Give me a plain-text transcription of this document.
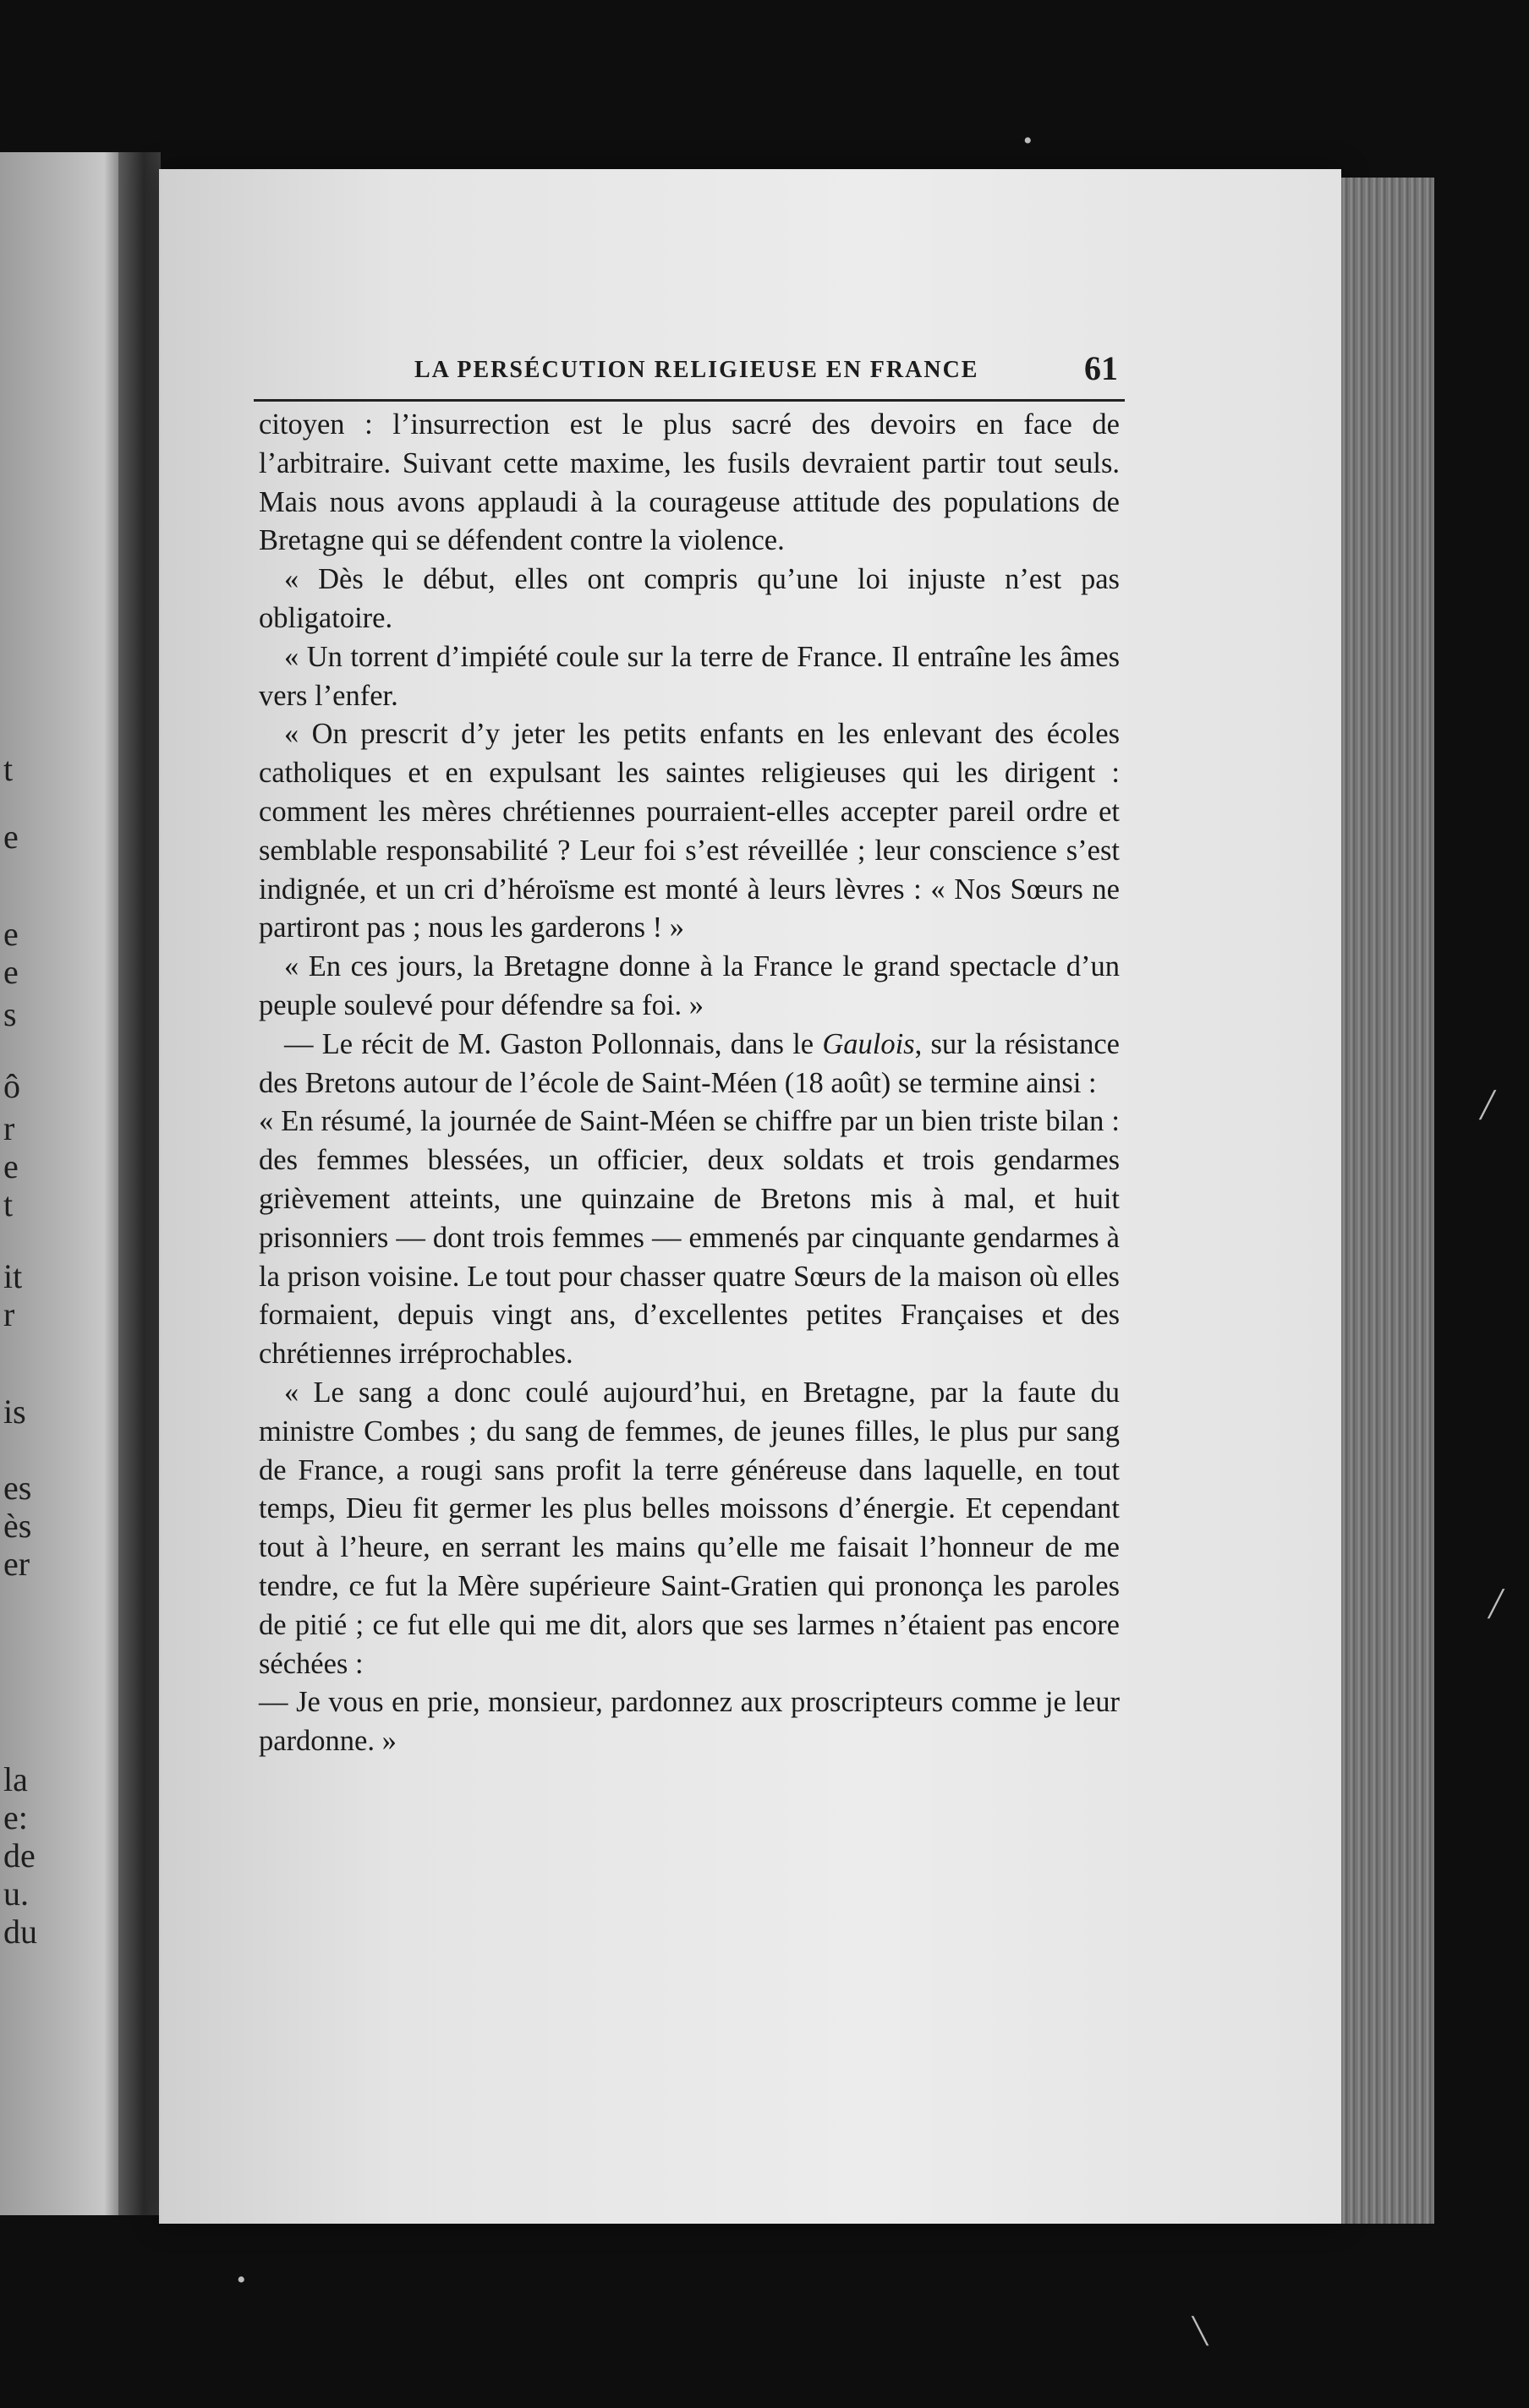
t
e
e
e
s
ô
r
e
t
it
r
is
es
ès
er
la
e:
de
u.
du
•
╱
╱
•
╲
LA PERSÉCUTION RELIGIEUSE EN FRANCE	61

citoyen : l’insurrection est le plus sacré des devoirs en face de l’arbitraire. Suivant cette maxime, les fusils devraient partir tout seuls. Mais nous avons applaudi à la courageuse attitude des populations de Bretagne qui se défendent contre la violence.

« Dès le début, elles ont compris qu’une loi injuste n’est pas obligatoire.

« Un torrent d’impiété coule sur la terre de France. Il entraîne les âmes vers l’enfer.

« On prescrit d’y jeter les petits enfants en les enlevant des écoles catholiques et en expulsant les saintes religieuses qui les dirigent : comment les mères chrétiennes pourraient-elles accepter pareil ordre et semblable responsabilité ? Leur foi s’est réveillée ; leur conscience s’est indignée, et un cri d’héroïsme est monté à leurs lèvres : « Nos Sœurs ne partiront pas ; nous les garderons ! »

« En ces jours, la Bretagne donne à la France le grand spectacle d’un peuple soulevé pour défendre sa foi. »

— Le récit de M. Gaston Pollonnais, dans le Gaulois, sur la résistance des Bretons autour de l’école de Saint-Méen (18 août) se termine ainsi :

« En résumé, la journée de Saint-Méen se chiffre par un bien triste bilan : des femmes blessées, un officier, deux soldats et trois gendarmes grièvement atteints, une quinzaine de Bretons mis à mal, et huit prisonniers — dont trois femmes — emmenés par cinquante gendarmes à la prison voisine. Le tout pour chasser quatre Sœurs de la maison où elles formaient, depuis vingt ans, d’excellentes petites Françaises et des chrétiennes irréprochables.

« Le sang a donc coulé aujourd’hui, en Bretagne, par la faute du ministre Combes ; du sang de femmes, de jeunes filles, le plus pur sang de France, a rougi sans profit la terre généreuse dans laquelle, en tout temps, Dieu fit germer les plus belles moissons d’énergie. Et cependant tout à l’heure, en serrant les mains qu’elle me faisait l’honneur de me tendre, ce fut la Mère supérieure Saint-Gratien qui prononça les paroles de pitié ; ce fut elle qui me dit, alors que ses larmes n’étaient pas encore séchées :

— Je vous en prie, monsieur, pardonnez aux proscripteurs comme je leur pardonne. »
